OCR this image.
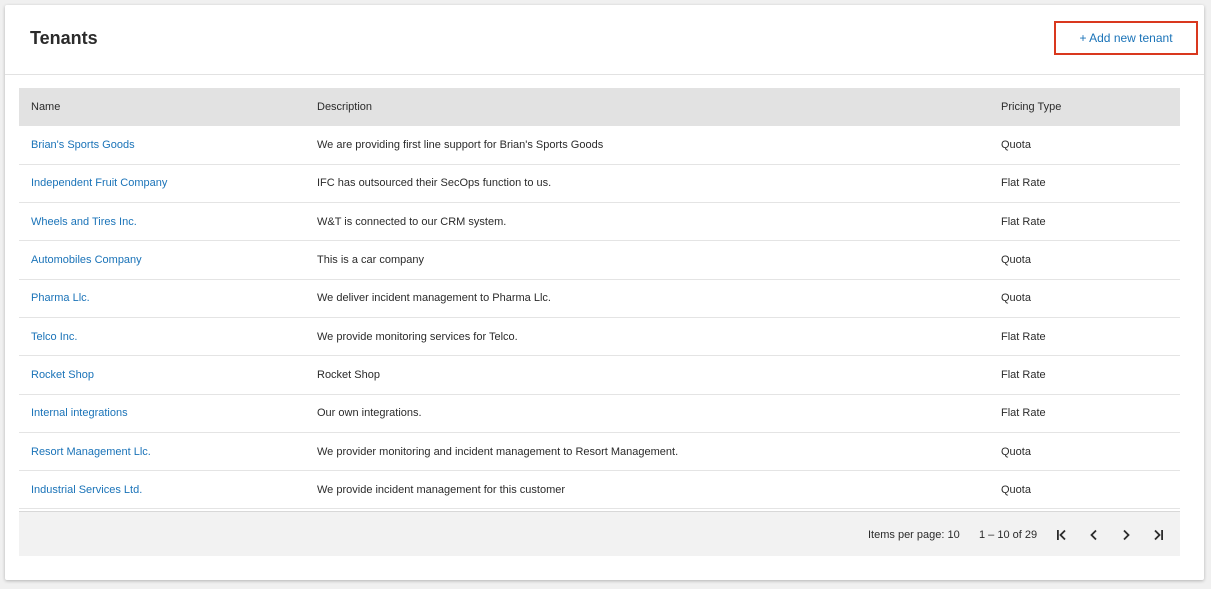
Tenants	+ Add new tenant
Name	Description	Pricing Type
Brian's Sports Goods	We are providing first line support for Brian's Sports Goods	Quota
Independent Fruit Company	IFC has outsourced their SecOps function to us.	Flat Rate
Wheels and Tires Inc.	W&T is connected to our CRM system.	Flat Rate
Automobiles Company	This is a car company	Quota
Pharma Llc.	We deliver incident management to Pharma Llc.	Quota
Telco Inc.	We provide monitoring services for Telco.	Flat Rate
Rocket Shop	Rocket Shop	Flat Rate
Internal integrations	Our own integrations.	Flat Rate
Resort Management Llc.	We provider monitoring and incident management to Resort Management.	Quota
Industrial Services Ltd.	We provide incident management for this customer	Quota
Items per page: 10 1 – 10 of 29
